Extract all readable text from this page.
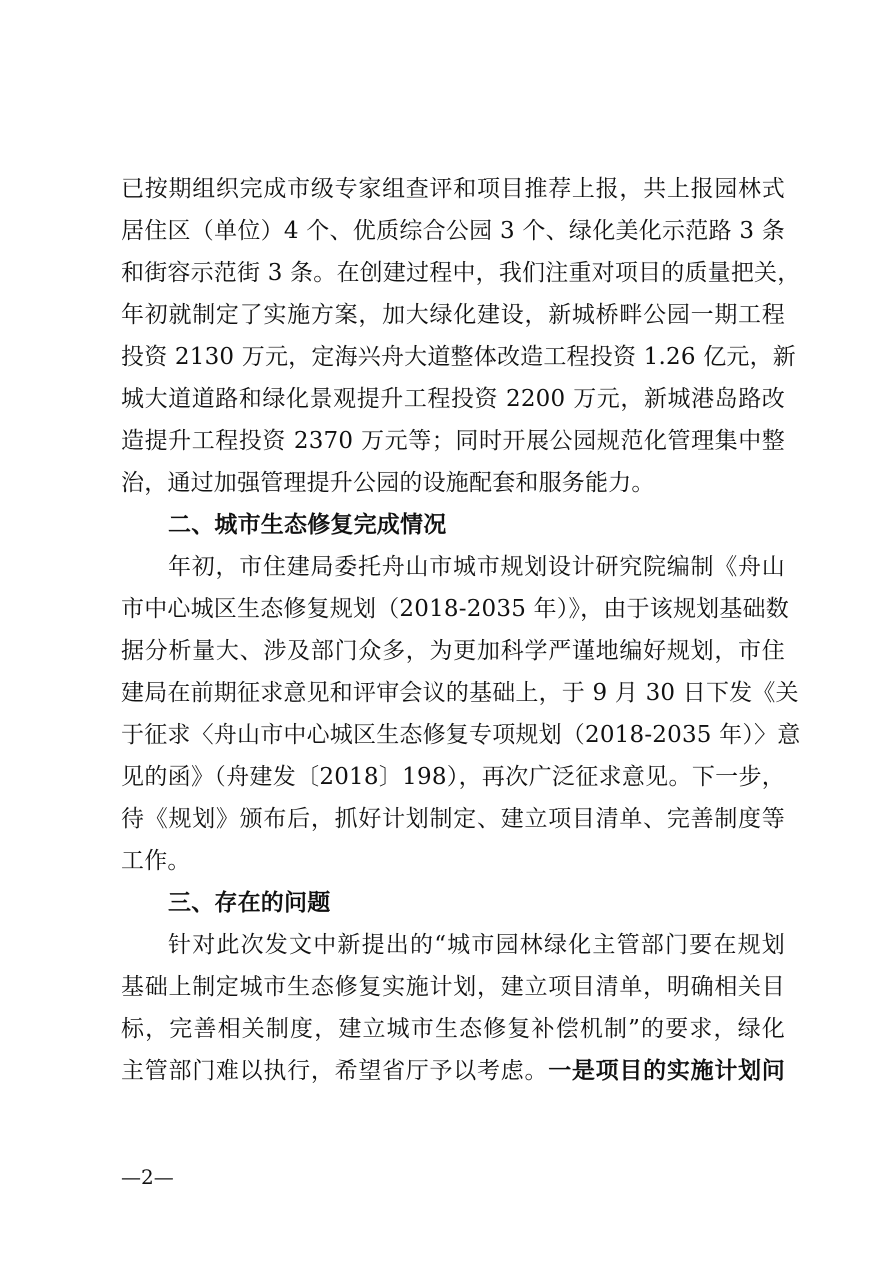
已按期组织完成市级专家组查评和项目推荐上报，共上报园林式
居住区（单位）4 个、优质综合公园 3 个、绿化美化示范路 3 条
和街容示范街 3 条。在创建过程中，我们注重对项目的质量把关，
年初就制定了实施方案，加大绿化建设，新城桥畔公园一期工程
投资 2130 万元，定海兴舟大道整体改造工程投资 1.26 亿元，新
城大道道路和绿化景观提升工程投资 2200 万元，新城港岛路改
造提升工程投资 2370 万元等；同时开展公园规范化管理集中整
治，通过加强管理提升公园的设施配套和服务能力。
二、城市生态修复完成情况
年初，市住建局委托舟山市城市规划设计研究院编制《舟山
市中心城区生态修复规划（2018-2035 年）》，由于该规划基础数
据分析量大、涉及部门众多，为更加科学严谨地编好规划，市住
建局在前期征求意见和评审会议的基础上，于 9 月 30 日下发《关
于征求〈舟山市中心城区生态修复专项规划（2018-2035 年）〉意
见的函》（舟建发〔2018〕198），再次广泛征求意见。下一步，
待《规划》颁布后，抓好计划制定、建立项目清单、完善制度等
工作。
三、存在的问题
针对此次发文中新提出的“城市园林绿化主管部门要在规划
基础上制定城市生态修复实施计划，建立项目清单，明确相关目
标，完善相关制度，建立城市生态修复补偿机制”的要求，绿化
主管部门难以执行，希望省厅予以考虑。一是项目的实施计划问
—2—
